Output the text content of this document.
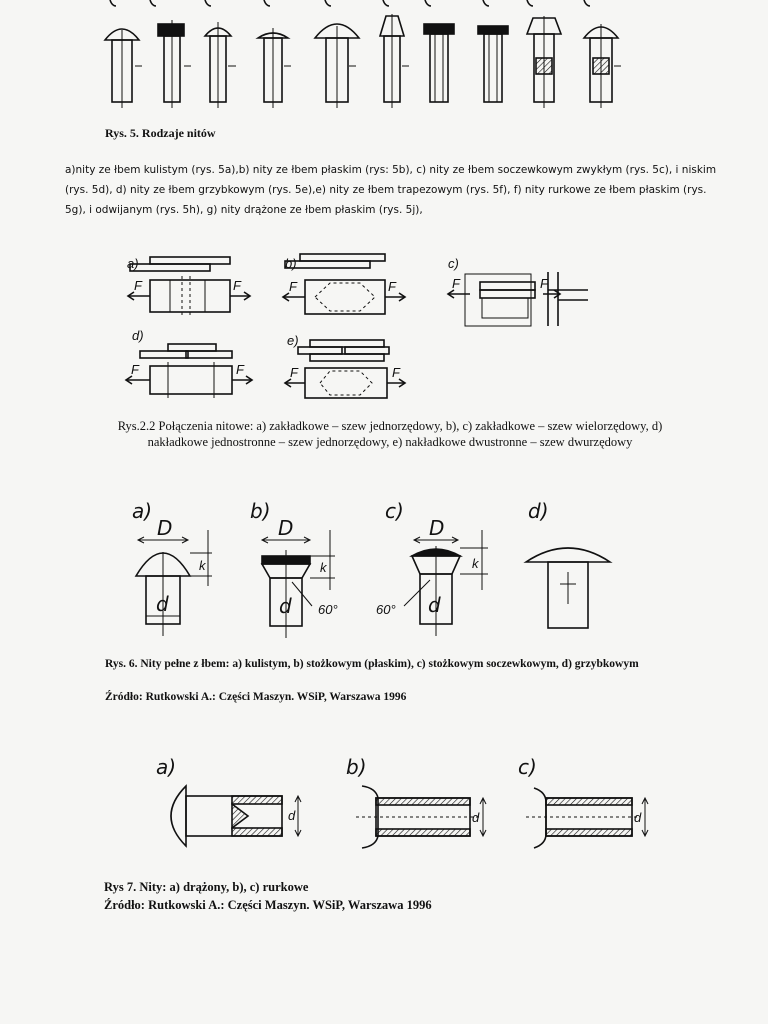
Rys. 5. Rodzaje nitów
a)nity ze łbem kulistym (rys. 5a),b) nity ze łbem płaskim (rys: 5b), c) nity ze łbem soczewkowym zwykłym (rys. 5c), i niskim (rys. 5d), d) nity ze łbem grzybkowym (rys. 5e),e) nity ze łbem trapezowym (rys. 5f), f) nity rurkowe ze łbem płaskim (rys. 5g), i odwijanym (rys. 5h), g) nity drążone ze łbem płaskim (rys. 5j),
a)
F	F
b)
F	F
c)
F	F
d)
F	F
e)
F	F
Rys.2.2 Połączenia nitowe: a) zakładkowe – szew jednorzędowy, b), c) zakładkowe – szew wielorzędowy, d) nakładkowe jednostronne – szew jednorzędowy, e) nakładkowe dwustronne – szew dwurzędowy
a)
D
d
k
b)
D
d
k
60°
c)
D
d
k
60°
d)
Rys. 6. Nity pełne z łbem: a) kulistym, b) stożkowym (płaskim), c) stożkowym soczewkowym, d) grzybkowym
Źródło: Rutkowski A.: Części Maszyn. WSiP, Warszawa 1996
a)
d
b)
d
c)
d
Rys 7. Nity: a) drążony, b), c) rurkowe
Źródło: Rutkowski A.: Części Maszyn. WSiP, Warszawa 1996
